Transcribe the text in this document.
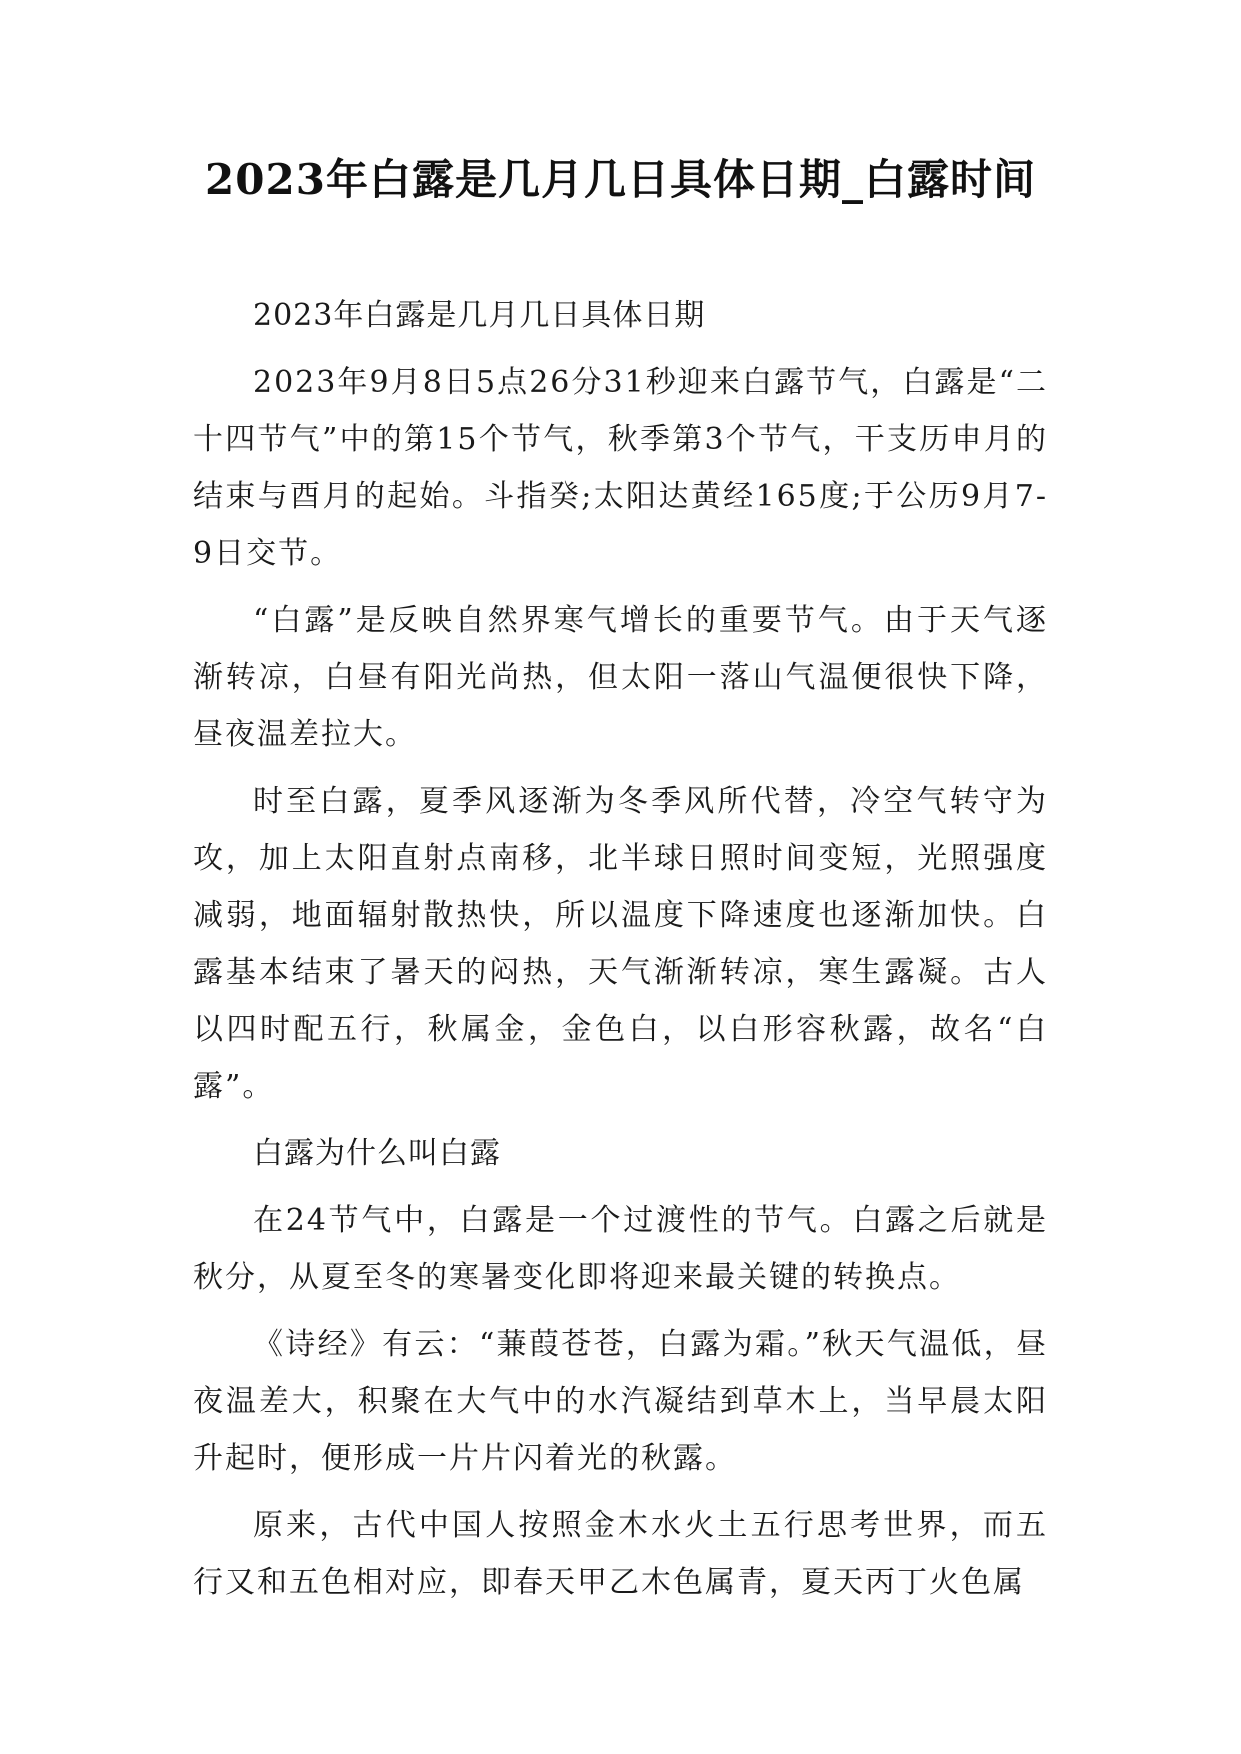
2023年白露是几月几日具体日期_白露时间

2023年白露是几月几日具体日期

2023年9月8日5点26分31秒迎来白露节气，白露是“二十四节气”中的第15个节气，秋季第3个节气，干支历申月的结束与酉月的起始。斗指癸;太阳达黄经165度;于公历9月7-9日交节。

“白露”是反映自然界寒气增长的重要节气。由于天气逐渐转凉，白昼有阳光尚热，但太阳一落山气温便很快下降，昼夜温差拉大。

时至白露，夏季风逐渐为冬季风所代替，冷空气转守为攻，加上太阳直射点南移，北半球日照时间变短，光照强度减弱，地面辐射散热快，所以温度下降速度也逐渐加快。白露基本结束了暑天的闷热，天气渐渐转凉，寒生露凝。古人以四时配五行，秋属金，金色白，以白形容秋露，故名“白露”。

白露为什么叫白露

在24节气中，白露是一个过渡性的节气。白露之后就是秋分，从夏至冬的寒暑变化即将迎来最关键的转换点。

《诗经》有云：“蒹葭苍苍，白露为霜。”秋天气温低，昼夜温差大，积聚在大气中的水汽凝结到草木上，当早晨太阳升起时，便形成一片片闪着光的秋露。

原来，古代中国人按照金木水火土五行思考世界，而五行又和五色相对应，即春天甲乙木色属青，夏天丙丁火色属
